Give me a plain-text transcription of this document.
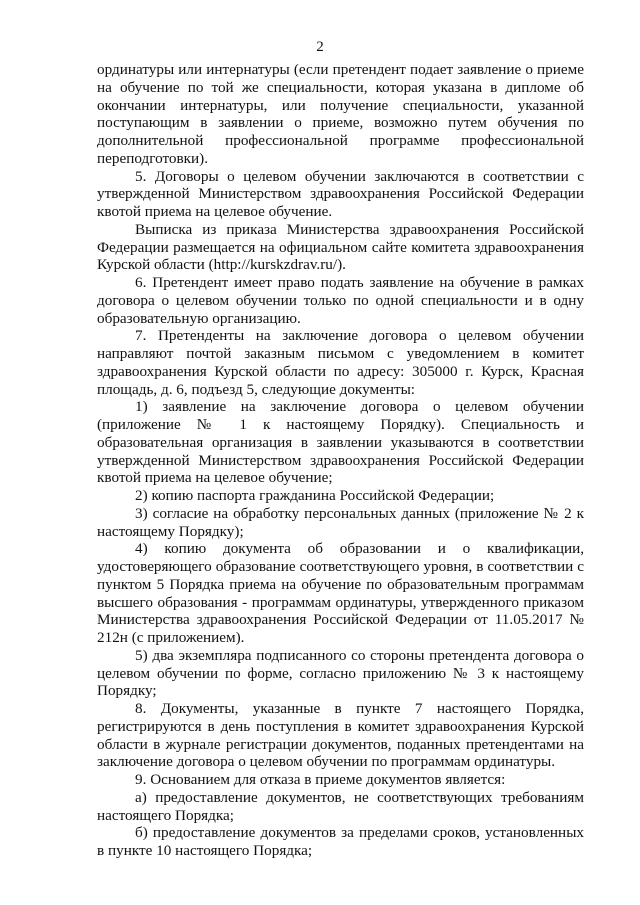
2

ординатуры или интернатуры (если претендент подает заявление о приеме на обучение по той же специальности, которая указана в дипломе об окончании интернатуры, или получение специальности, указанной поступающим в заявлении о приеме, возможно путем обучения по дополнительной профессиональной программе профессиональной переподготовки).

5. Договоры о целевом обучении заключаются в соответствии с утвержденной Министерством здравоохранения Российской Федерации квотой приема на целевое обучение.

Выписка из приказа Министерства здравоохранения Российской Федерации размещается на официальном сайте комитета здравоохранения Курской области (http://kurskzdrav.ru/).

6. Претендент имеет право подать заявление на обучение в рамках договора о целевом обучении только по одной специальности и в одну образовательную организацию.

7. Претенденты на заключение договора о целевом обучении направляют почтой заказным письмом с уведомлением в комитет здравоохранения Курской области по адресу: 305000 г. Курск, Красная площадь, д. 6, подъезд 5, следующие документы:

1) заявление на заключение договора о целевом обучении (приложение № 1 к настоящему Порядку). Специальность и образовательная организация в заявлении указываются в соответствии утвержденной Министерством здравоохранения Российской Федерации квотой приема на целевое обучение;

2) копию паспорта гражданина Российской Федерации;

3) согласие на обработку персональных данных (приложение № 2 к настоящему Порядку);

4) копию документа об образовании и о квалификации, удостоверяющего образование соответствующего уровня, в соответствии с пунктом 5 Порядка приема на обучение по образовательным программам высшего образования - программам ординатуры, утвержденного приказом Министерства здравоохранения Российской Федерации от 11.05.2017 № 212н (с приложением).

5) два экземпляра подписанного со стороны претендента договора о целевом обучении по форме, согласно приложению № 3 к настоящему Порядку;

8. Документы, указанные в пункте 7 настоящего Порядка, регистрируются в день поступления в комитет здравоохранения Курской области в журнале регистрации документов, поданных претендентами на заключение договора о целевом обучении по программам ординатуры.

9. Основанием для отказа в приеме документов является:

а) предоставление документов, не соответствующих требованиям настоящего Порядка;

б) предоставление документов за пределами сроков, установленных в пункте 10 настоящего Порядка;
